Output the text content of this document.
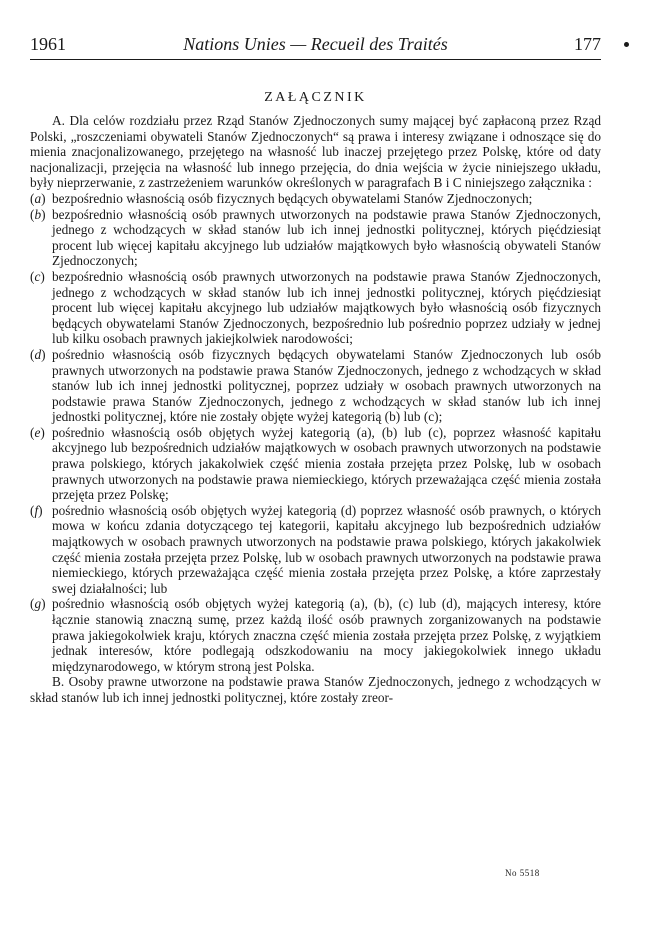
1961	Nations Unies — Recueil des Traités	177
ZAŁĄCZNIK

A. Dla celów rozdziału przez Rząd Stanów Zjednoczonych sumy mającej być zapłaconą przez Rząd Polski, „roszczeniami obywateli Stanów Zjednoczonych“ są prawa i interesy związane i odnoszące się do mienia znacjonalizowanego, przejętego na własność lub inaczej przejętego przez Polskę, które od daty nacjonalizacji, przejęcia na własność lub innego przejęcia, do dnia wejścia w życie niniejszego układu, były nieprzerwanie, z zastrzeżeniem warunków określonych w paragrafach B i C niniejszego załącznika :

(a) bezpośrednio własnością osób fizycznych będących obywatelami Stanów Zjednoczonych;
(b) bezpośrednio własnością osób prawnych utworzonych na podstawie prawa Stanów Zjednoczonych, jednego z wchodzących w skład stanów lub ich innej jednostki politycznej, których pięćdziesiąt procent lub więcej kapitału akcyjnego lub udziałów majątkowych było własnością obywateli Stanów Zjednoczonych;
(c) bezpośrednio własnością osób prawnych utworzonych na podstawie prawa Stanów Zjednoczonych, jednego z wchodzących w skład stanów lub ich innej jednostki politycznej, których pięćdziesiąt procent lub więcej kapitału akcyjnego lub udziałów majątkowych było własnością osób fizycznych będących obywatelami Stanów Zjednoczonych, bezpośrednio lub pośrednio poprzez udziały w jednej lub kilku osobach prawnych jakiejkolwiek narodowości;
(d) pośrednio własnością osób fizycznych będących obywatelami Stanów Zjednoczonych lub osób prawnych utworzonych na podstawie prawa Stanów Zjednoczonych, jednego z wchodzących w skład stanów lub ich innej jednostki politycznej, poprzez udziały w osobach prawnych utworzonych na podstawie prawa Stanów Zjednoczonych, jednego z wchodzących w skład stanów lub ich innej jednostki politycznej, które nie zostały objęte wyżej kategorią (b) lub (c);
(e) pośrednio własnością osób objętych wyżej kategorią (a), (b) lub (c), poprzez własność kapitału akcyjnego lub bezpośrednich udziałów majątkowych w osobach prawnych utworzonych na podstawie prawa polskiego, których jakakolwiek część mienia została przejęta przez Polskę, lub w osobach prawnych utworzonych na podstawie prawa niemieckiego, których przeważająca część mienia została przejęta przez Polskę;
(f) pośrednio własnością osób objętych wyżej kategorią (d) poprzez własność osób prawnych, o których mowa w końcu zdania dotyczącego tej kategorii, kapitału akcyjnego lub bezpośrednich udziałów majątkowych w osobach prawnych utworzonych na podstawie prawa polskiego, których jakakolwiek część mienia została przejęta przez Polskę, lub w osobach prawnych utworzonych na podstawie prawa niemieckiego, których przeważająca część mienia została przejęta przez Polskę, a które zaprzestały swej działalności; lub
(g) pośrednio własnością osób objętych wyżej kategorią (a), (b), (c) lub (d), mających interesy, które łącznie stanowią znaczną sumę, przez każdą ilość osób prawnych zorganizowanych na podstawie prawa jakiegokolwiek kraju, których znaczna część mienia została przejęta przez Polskę, z wyjątkiem jednak interesów, które podlegają odszkodowaniu na mocy jakiegokolwiek innego układu międzynarodowego, w którym stroną jest Polska.

B. Osoby prawne utworzone na podstawie prawa Stanów Zjednoczonych, jednego z wchodzących w skład stanów lub ich innej jednostki politycznej, które zostały zreor-

No 5518
